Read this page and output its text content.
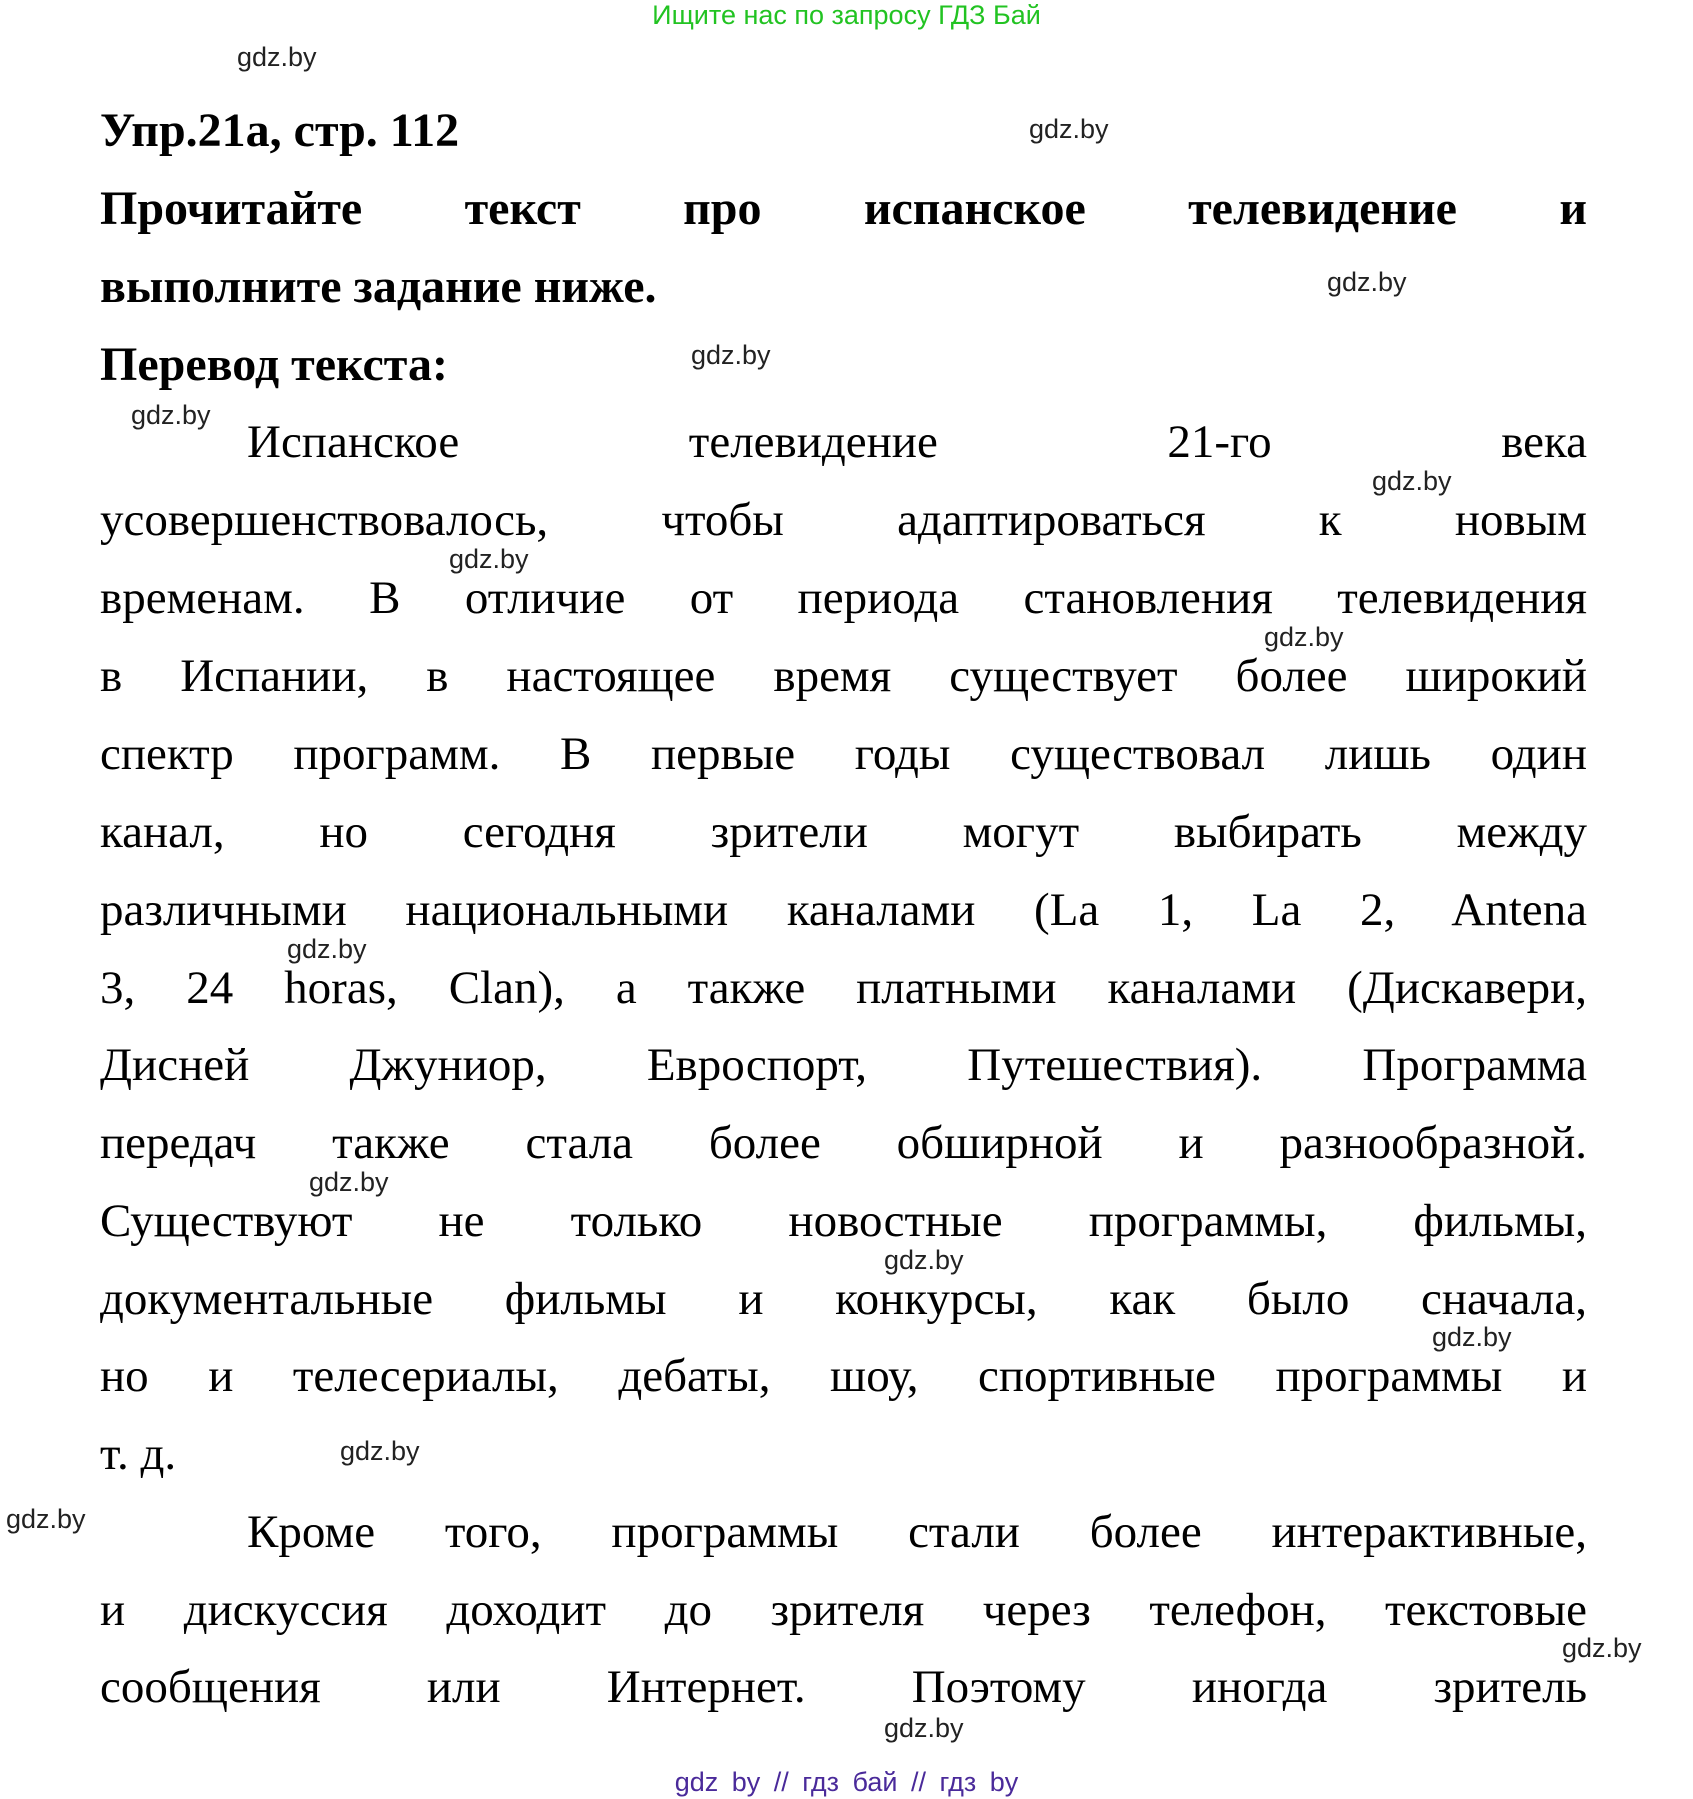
Ищите нас по запросу ГДЗ Бай
Упр.21а, стр. 112
Прочитайте текст про испанское телевидение и
выполните задание ниже.
Перевод текста:
Испанское телевидение 21-го века
усовершенствовалось, чтобы адаптироваться к новым
временам. В отличие от периода становления телевидения
в Испании, в настоящее время существует более широкий
спектр программ. В первые годы существовал лишь один
канал, но сегодня зрители могут выбирать между
различными национальными каналами (La 1, La 2, Antena
3, 24 horas, Clan), а также платными каналами (Дискавери,
Дисней Джуниор, Евроспорт, Путешествия). Программа
передач также стала более обширной и разнообразной.
Существуют не только новостные программы, фильмы,
документальные фильмы и конкурсы, как было сначала,
но и телесериалы, дебаты, шоу, спортивные программы и
т. д.
Кроме того, программы стали более интерактивные,
и дискуссия доходит до зрителя через телефон, текстовые
сообщения или Интернет. Поэтому иногда зритель
gdz.by
gdz.by
gdz.by
gdz.by
gdz.by
gdz.by
gdz.by
gdz.by
gdz.by
gdz.by
gdz.by
gdz.by
gdz.by
gdz.by
gdz.by
gdz.by
gdz by // гдз бай // гдз by
